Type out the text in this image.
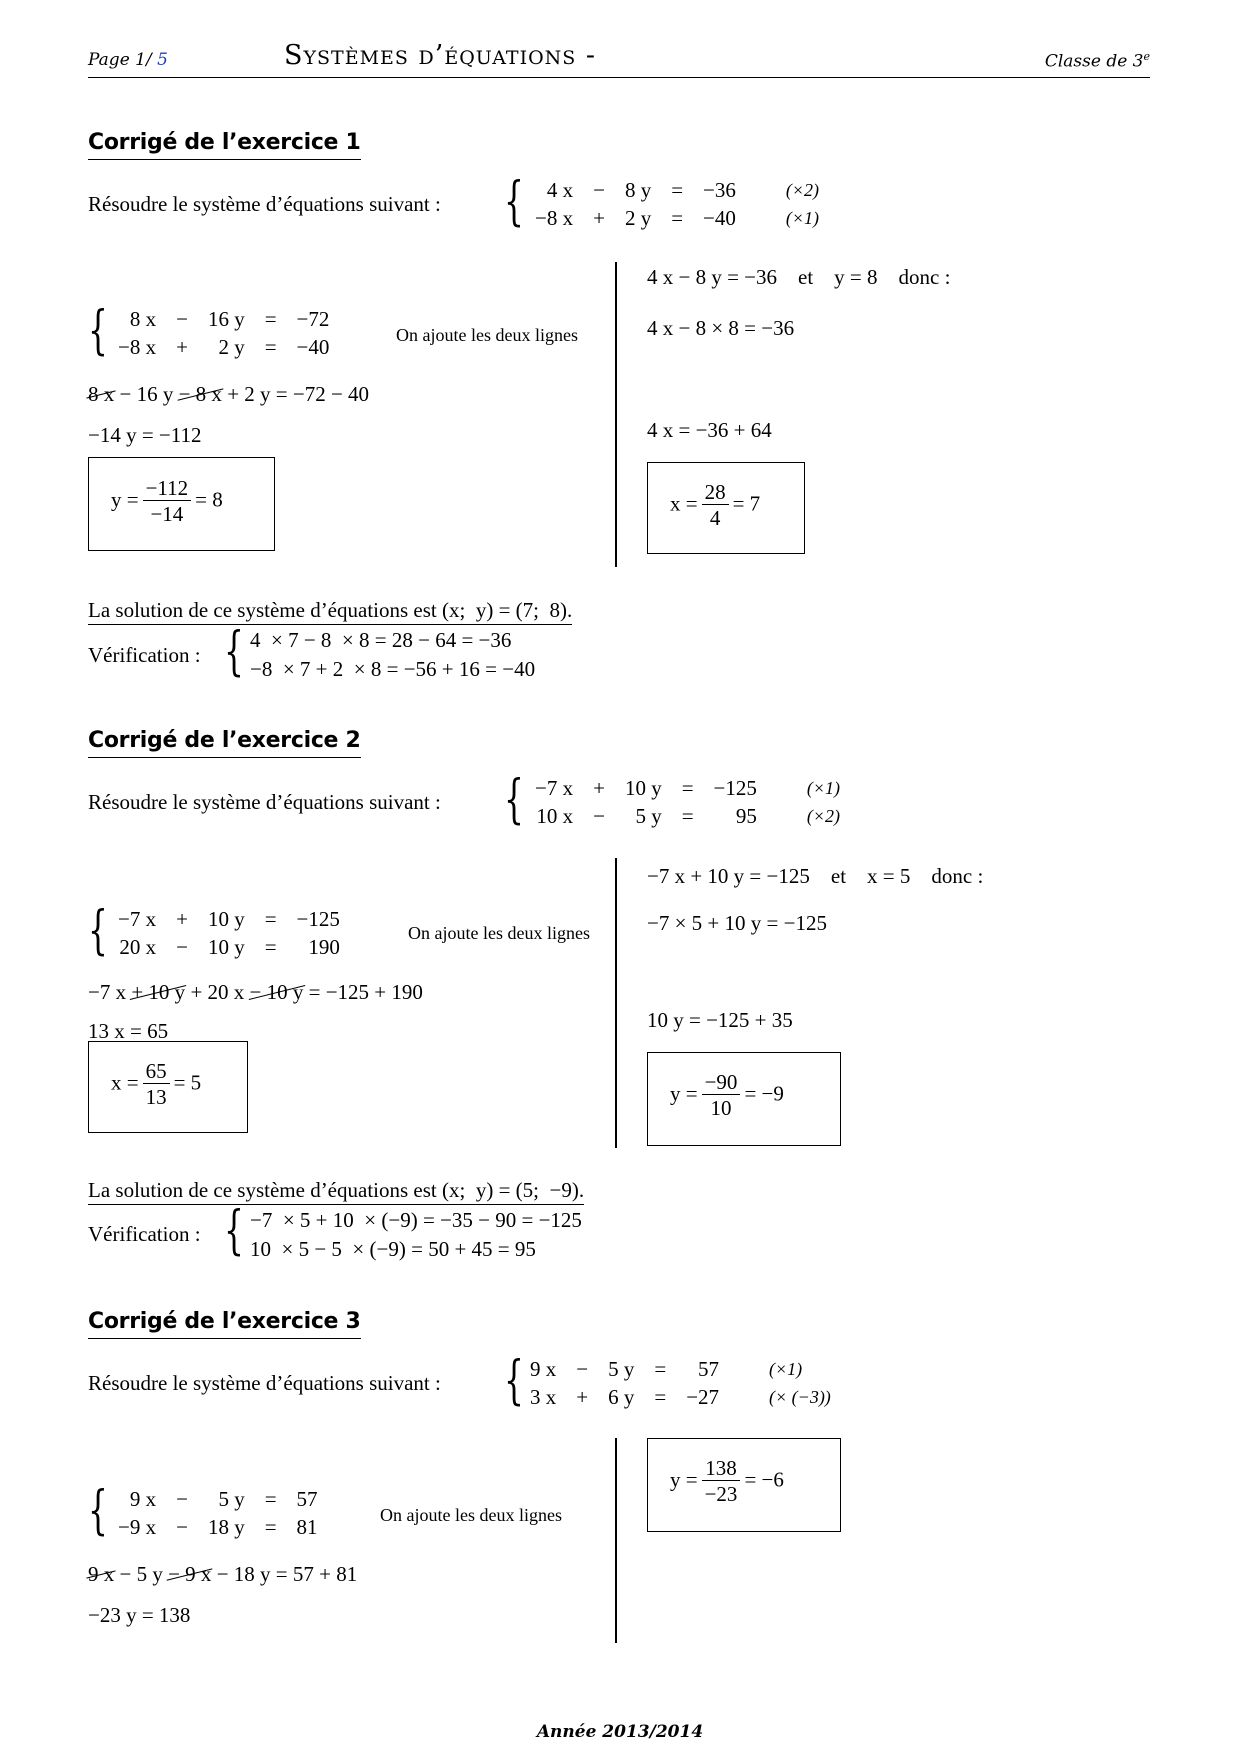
Page 1/ 5	Systèmes d’équations -	Classe de 3e
Corrigé de l’exercice 1
Résoudre le système d’équations suivant : { 4 x	−	8 y	=	−36	(×2)
−8 x	+	2 y	=	−40	(×1)
{ 8 x	−	16 y	=	−72
−8 x	+	2 y	=	−40	On ajoute les deux lignes
8 x − 16 y − 8 x + 2 y = −72 − 40
−14 y = −112
$y = \frac{-112}{-14} = 8$
4 x − 8 y = −36    et    y = 8    donc :
4 x − 8 × 8 = −36
4 x = −36 + 64
$x = \frac{28}{4} = 7$
La solution de ce système d’équations est (x;  y) = (7;  8).
Vérification : { 4  × 7 − 8  × 8 = 28 − 64 = −36
−8  × 7 + 2  × 8 = −56 + 16 = −40
Corrigé de l’exercice 2
Résoudre le système d’équations suivant : { −7 x	+	10 y	=	−125	(×1)
10 x	−	5 y	=	95	(×2)
{ −7 x	+	10 y	=	−125
20 x	−	10 y	=	190
On ajoute les deux lignes
−7 x + 10 y + 20 x − 10 y = −125 + 190
13 x = 65
$x = \frac{65}{13} = 5$
−7 x + 10 y = −125    et    x = 5    donc :
−7 × 5 + 10 y = −125
10 y = −125 + 35
$y = \frac{-90}{10} = -9$
La solution de ce système d’équations est (x;  y) = (5;  −9).
Vérification : { −7  × 5 + 10  × (−9) = −35 − 90 = −125
10  × 5 − 5  × (−9) = 50 + 45 = 95
Corrigé de l’exercice 3
Résoudre le système d’équations suivant : { 9 x	−	5 y	=	57	(×1)
3 x	+	6 y	=	−27	(× (−3))
{ 9 x	−	5 y	=	57
−9 x	−	18 y	=	81	On ajoute les deux lignes
9 x − 5 y − 9 x − 18 y = 57 + 81
−23 y = 138
$y = \frac{138}{-23} = -6$
Année 2013/2014
